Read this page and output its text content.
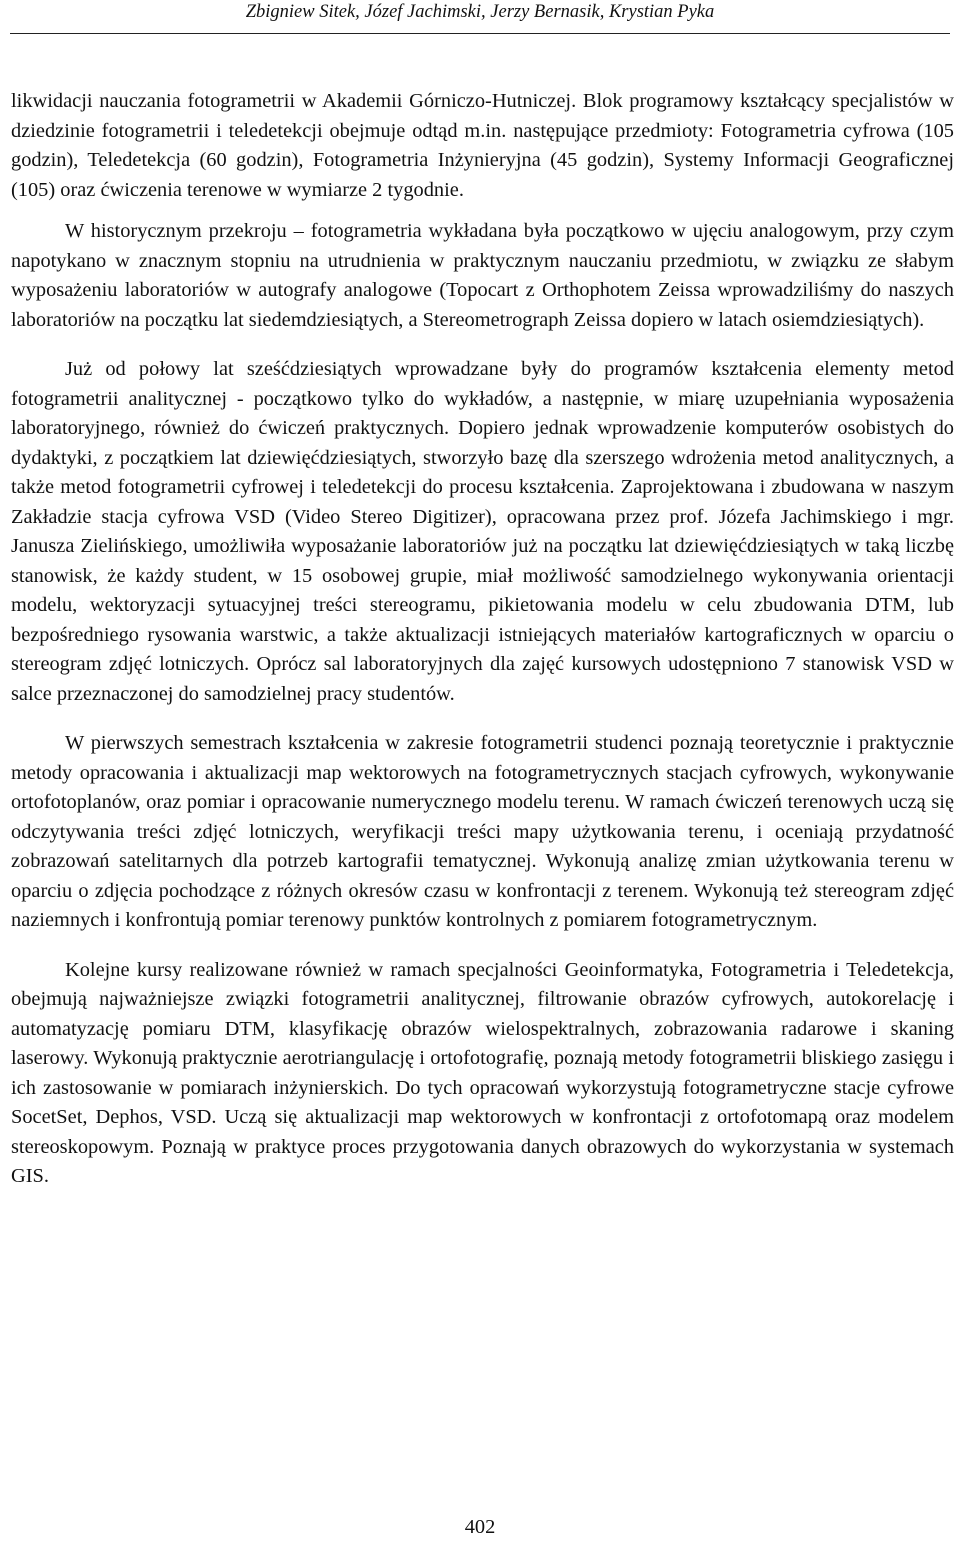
Zbigniew Sitek, Józef Jachimski, Jerzy Bernasik, Krystian Pyka

likwidacji nauczania fotogrametrii w Akademii Górniczo-Hutniczej. Blok programowy kształcący specjalistów w dziedzinie fotogrametrii i teledetekcji obejmuje odtąd m.in. następujące przedmioty: Fotogrametria cyfrowa (105 godzin), Teledetekcja (60 godzin), Fotogrametria Inżynieryjna (45 godzin), Systemy Informacji Geograficznej (105) oraz ćwiczenia terenowe w wymiarze 2 tygodnie.

W historycznym przekroju – fotogrametria wykładana była początkowo w ujęciu analogowym, przy czym napotykano w znacznym stopniu na utrudnienia w praktycznym nauczaniu przedmiotu, w związku ze słabym wyposażeniu laboratoriów w autografy analogowe (Topocart z Orthophotem Zeissa wprowadziliśmy do naszych laboratoriów na początku lat siedemdziesiątych, a Stereometrograph Zeissa dopiero w latach osiemdziesiątych).

Już od połowy lat sześćdziesiątych wprowadzane były do programów kształcenia elementy metod fotogrametrii analitycznej - początkowo tylko do wykładów, a następnie, w miarę uzupełniania wyposażenia laboratoryjnego, również do ćwiczeń praktycznych. Dopiero jednak wprowadzenie komputerów osobistych do dydaktyki, z początkiem lat dziewięćdziesiątych, stworzyło bazę dla szerszego wdrożenia metod analitycznych, a także metod fotogrametrii cyfrowej i teledetekcji do procesu kształcenia. Zaprojektowana i zbudowana w naszym Zakładzie stacja cyfrowa VSD (Video Stereo Digitizer), opracowana przez prof. Józefa Jachimskiego i mgr. Janusza Zielińskiego, umożliwiła wyposażanie laboratoriów już na początku lat dziewięćdziesiątych w taką liczbę stanowisk, że każdy student, w 15 osobowej grupie, miał możliwość samodzielnego wykonywania orientacji modelu, wektoryzacji sytuacyjnej treści stereogramu, pikietowania modelu w celu zbudowania DTM, lub bezpośredniego rysowania warstwic, a także aktualizacji istniejących materiałów kartograficznych w oparciu o stereogram zdjęć lotniczych. Oprócz sal laboratoryjnych dla zajęć kursowych udostępniono 7 stanowisk VSD w salce przeznaczonej do samodzielnej pracy studentów.

W pierwszych semestrach kształcenia w zakresie fotogrametrii studenci poznają teoretycznie i praktycznie metody opracowania i aktualizacji map wektorowych na fotogrametrycznych stacjach cyfrowych, wykonywanie ortofotoplanów, oraz pomiar i opracowanie numerycznego modelu terenu. W ramach ćwiczeń terenowych uczą się odczytywania treści zdjęć lotniczych, weryfikacji treści mapy użytkowania terenu, i oceniają przydatność zobrazowań satelitarnych dla potrzeb kartografii tematycznej. Wykonują analizę zmian użytkowania terenu w oparciu o zdjęcia pochodzące z różnych okresów czasu w konfrontacji z terenem. Wykonują też stereogram zdjęć naziemnych i konfrontują pomiar terenowy punktów kontrolnych z pomiarem fotogrametrycznym.

Kolejne kursy realizowane również w ramach specjalności Geoinformatyka, Fotogrametria i Teledetekcja, obejmują najważniejsze związki fotogrametrii analitycznej, filtrowanie obrazów cyfrowych, autokorelację i automatyzację pomiaru DTM, klasyfikację obrazów wielospektralnych, zobrazowania radarowe i skaning laserowy. Wykonują praktycznie aerotriangulację i ortofotografię, poznają metody fotogrametrii bliskiego zasięgu i ich zastosowanie w pomiarach inżynierskich. Do tych opracowań wykorzystują fotogrametryczne stacje cyfrowe SocetSet, Dephos, VSD. Uczą się aktualizacji map wektorowych w konfrontacji z ortofotomapą oraz modelem stereoskopowym. Poznają w praktyce proces przygotowania danych obrazowych do wykorzystania w systemach GIS.

402
